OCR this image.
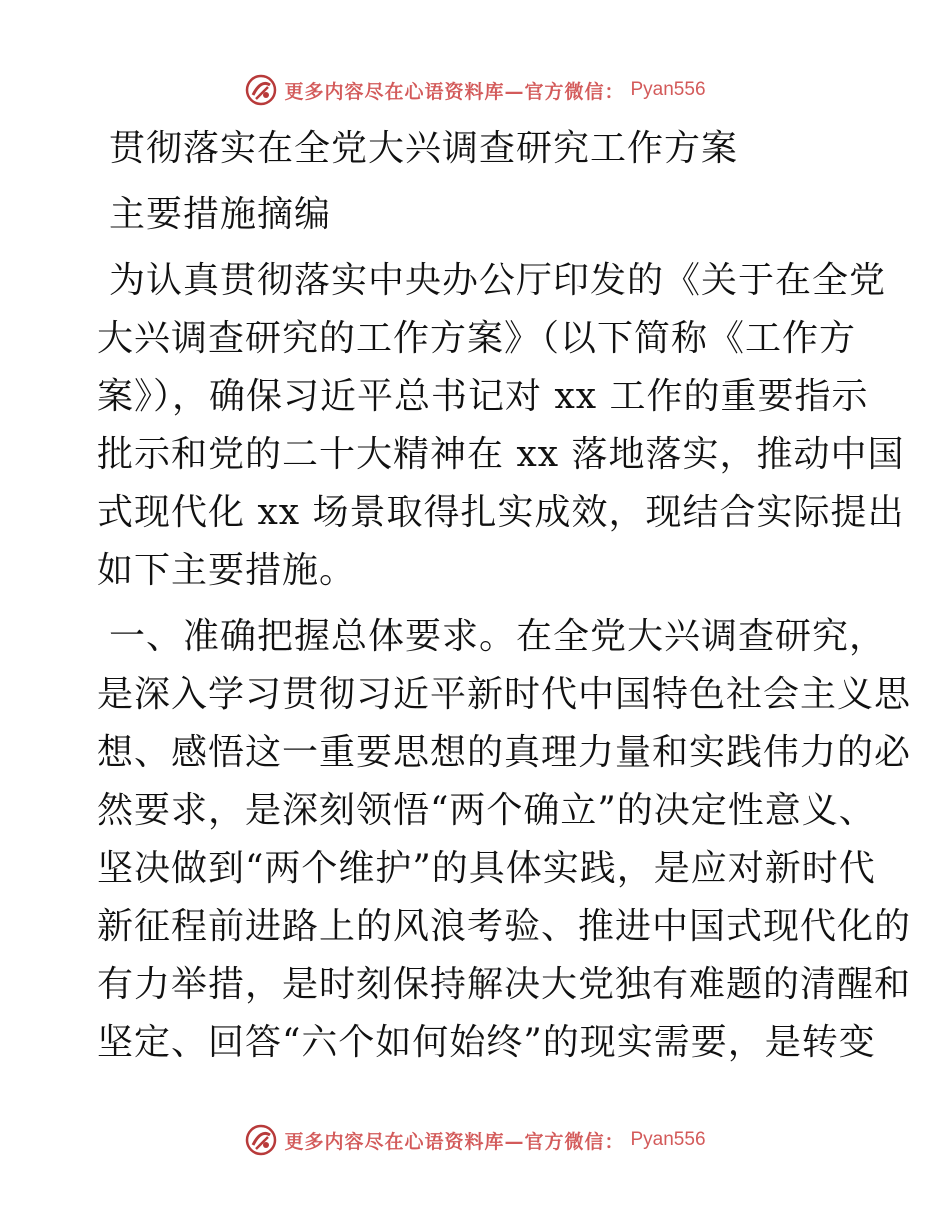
更多内容尽在心语资料库—官方微信： Pyan556
贯彻落实在全党大兴调查研究工作方案
主要措施摘编
为认真贯彻落实中央办公厅印发的《关于在全党
大兴调查研究的工作方案》（以下简称《工作方
案》），确保习近平总书记对 xx 工作的重要指示
批示和党的二十大精神在 xx 落地落实，推动中国
式现代化 xx 场景取得扎实成效，现结合实际提出
如下主要措施。
一、准确把握总体要求。在全党大兴调查研究，
是深入学习贯彻习近平新时代中国特色社会主义思
想、感悟这一重要思想的真理力量和实践伟力的必
然要求，是深刻领悟“两个确立”的决定性意义、
坚决做到“两个维护”的具体实践，是应对新时代
新征程前进路上的风浪考验、推进中国式现代化的
有力举措，是时刻保持解决大党独有难题的清醒和
坚定、回答“六个如何始终”的现实需要，是转变
更多内容尽在心语资料库—官方微信： Pyan556
